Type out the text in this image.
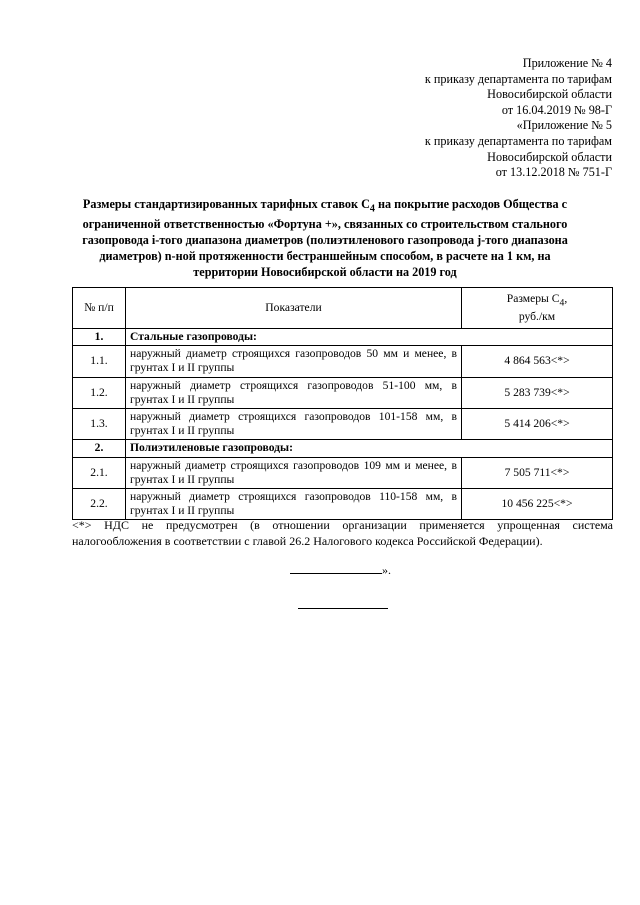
Приложение № 4
к приказу департамента по тарифам
Новосибирской области
от 16.04.2019 № 98-Г
«Приложение № 5
к приказу департамента по тарифам
Новосибирской области
от 13.12.2018 № 751-Г
Размеры стандартизированных тарифных ставок $С_4$ на покрытие расходов Общества с ограниченной ответственностью «Фортуна +», связанных со строительством стального газопровода i-того диапазона диаметров (полиэтиленового газопровода j-того диапазона диаметров) n-ной протяженности бестраншейным способом, в расчете на 1 км, на территории Новосибирской области на 2019 год
№ п/п	Показатели	Размеры $С_4$,
руб./км
1.	Стальные газопроводы:	
1.1.	наружный диаметр строящихся газопроводов 50 мм и менее, в грунтах I и II группы	4 864 563<*>
1.2.	наружный диаметр строящихся газопроводов 51-100 мм, в грунтах I и II группы	5 283 739<*>
1.3.	наружный диаметр строящихся газопроводов 101-158 мм, в грунтах I и II группы	5 414 206<*>
2.	Полиэтиленовые газопроводы:	
2.1.	наружный диаметр строящихся газопроводов 109 мм и менее, в грунтах I и II группы	7 505 711<*>
2.2.	наружный диаметр строящихся газопроводов 110-158 мм, в грунтах I и II группы	10 456 225<*>
<*> НДС не предусмотрен (в отношении организации применяется упрощенная система налогообложения в соответствии с главой 26.2 Налогового кодекса Российской Федерации).
».
